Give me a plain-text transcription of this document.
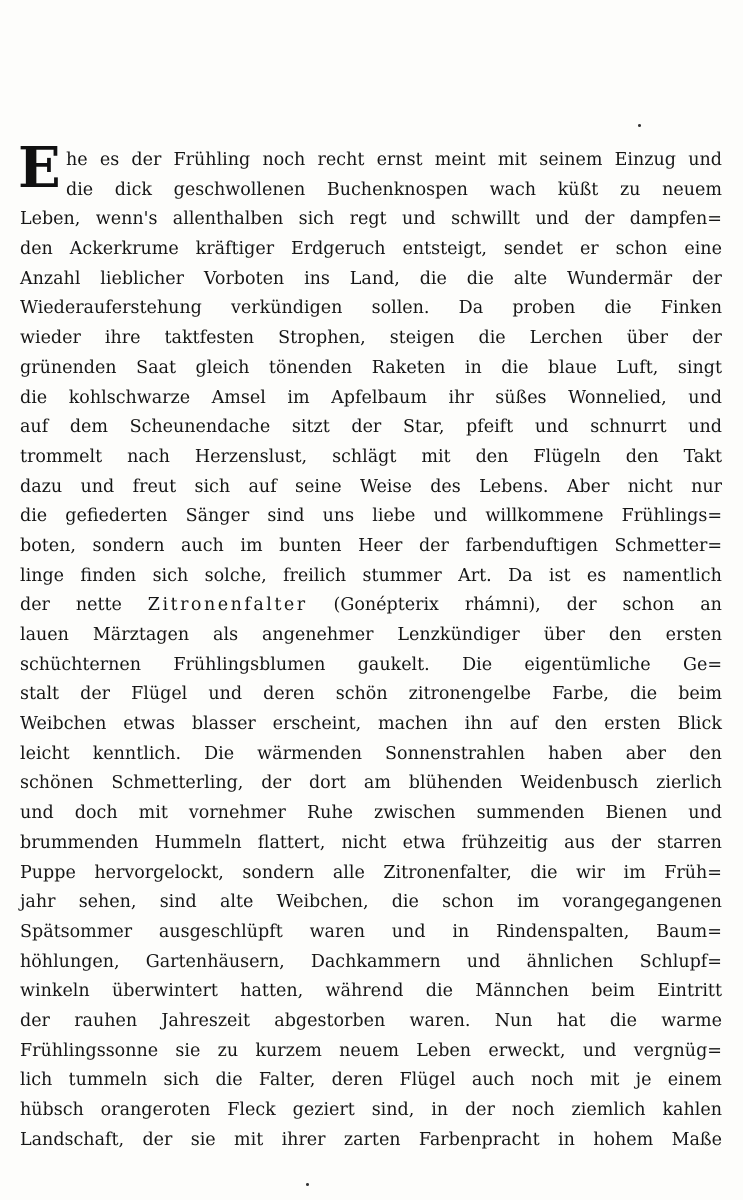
E he es der Frühling noch recht ernst meint mit seinem Einzug und
die dick geschwollenen Buchenknospen wach küßt zu neuem
Leben, wenn's allenthalben sich regt und schwillt und der dampfen=
den Ackerkrume kräftiger Erdgeruch entsteigt, sendet er schon eine
Anzahl lieblicher Vorboten ins Land, die die alte Wundermär der
Wiederauferstehung verkündigen sollen. Da proben die Finken
wieder ihre taktfesten Strophen, steigen die Lerchen über der
grünenden Saat gleich tönenden Raketen in die blaue Luft, singt
die kohlschwarze Amsel im Apfelbaum ihr süßes Wonnelied, und
auf dem Scheunendache sitzt der Star, pfeift und schnurrt und
trommelt nach Herzenslust, schlägt mit den Flügeln den Takt
dazu und freut sich auf seine Weise des Lebens. Aber nicht nur
die gefiederten Sänger sind uns liebe und willkommene Frühlings=
boten, sondern auch im bunten Heer der farbenduftigen Schmetter=
linge finden sich solche, freilich stummer Art. Da ist es namentlich
der nette Zitronenfalter (Gonépterix rhámni), der schon an
lauen Märztagen als angenehmer Lenzkündiger über den ersten
schüchternen Frühlingsblumen gaukelt. Die eigentümliche Ge=
stalt der Flügel und deren schön zitronengelbe Farbe, die beim
Weibchen etwas blasser erscheint, machen ihn auf den ersten Blick
leicht kenntlich. Die wärmenden Sonnenstrahlen haben aber den
schönen Schmetterling, der dort am blühenden Weidenbusch zierlich
und doch mit vornehmer Ruhe zwischen summenden Bienen und
brummenden Hummeln flattert, nicht etwa frühzeitig aus der starren
Puppe hervorgelockt, sondern alle Zitronenfalter, die wir im Früh=
jahr sehen, sind alte Weibchen, die schon im vorangegangenen
Spätsommer ausgeschlüpft waren und in Rindenspalten, Baum=
höhlungen, Gartenhäusern, Dachkammern und ähnlichen Schlupf=
winkeln überwintert hatten, während die Männchen beim Eintritt
der rauhen Jahreszeit abgestorben waren. Nun hat die warme
Frühlingssonne sie zu kurzem neuem Leben erweckt, und vergnüg=
lich tummeln sich die Falter, deren Flügel auch noch mit je einem
hübsch orangeroten Fleck geziert sind, in der noch ziemlich kahlen
Landschaft, der sie mit ihrer zarten Farbenpracht in hohem Maße
